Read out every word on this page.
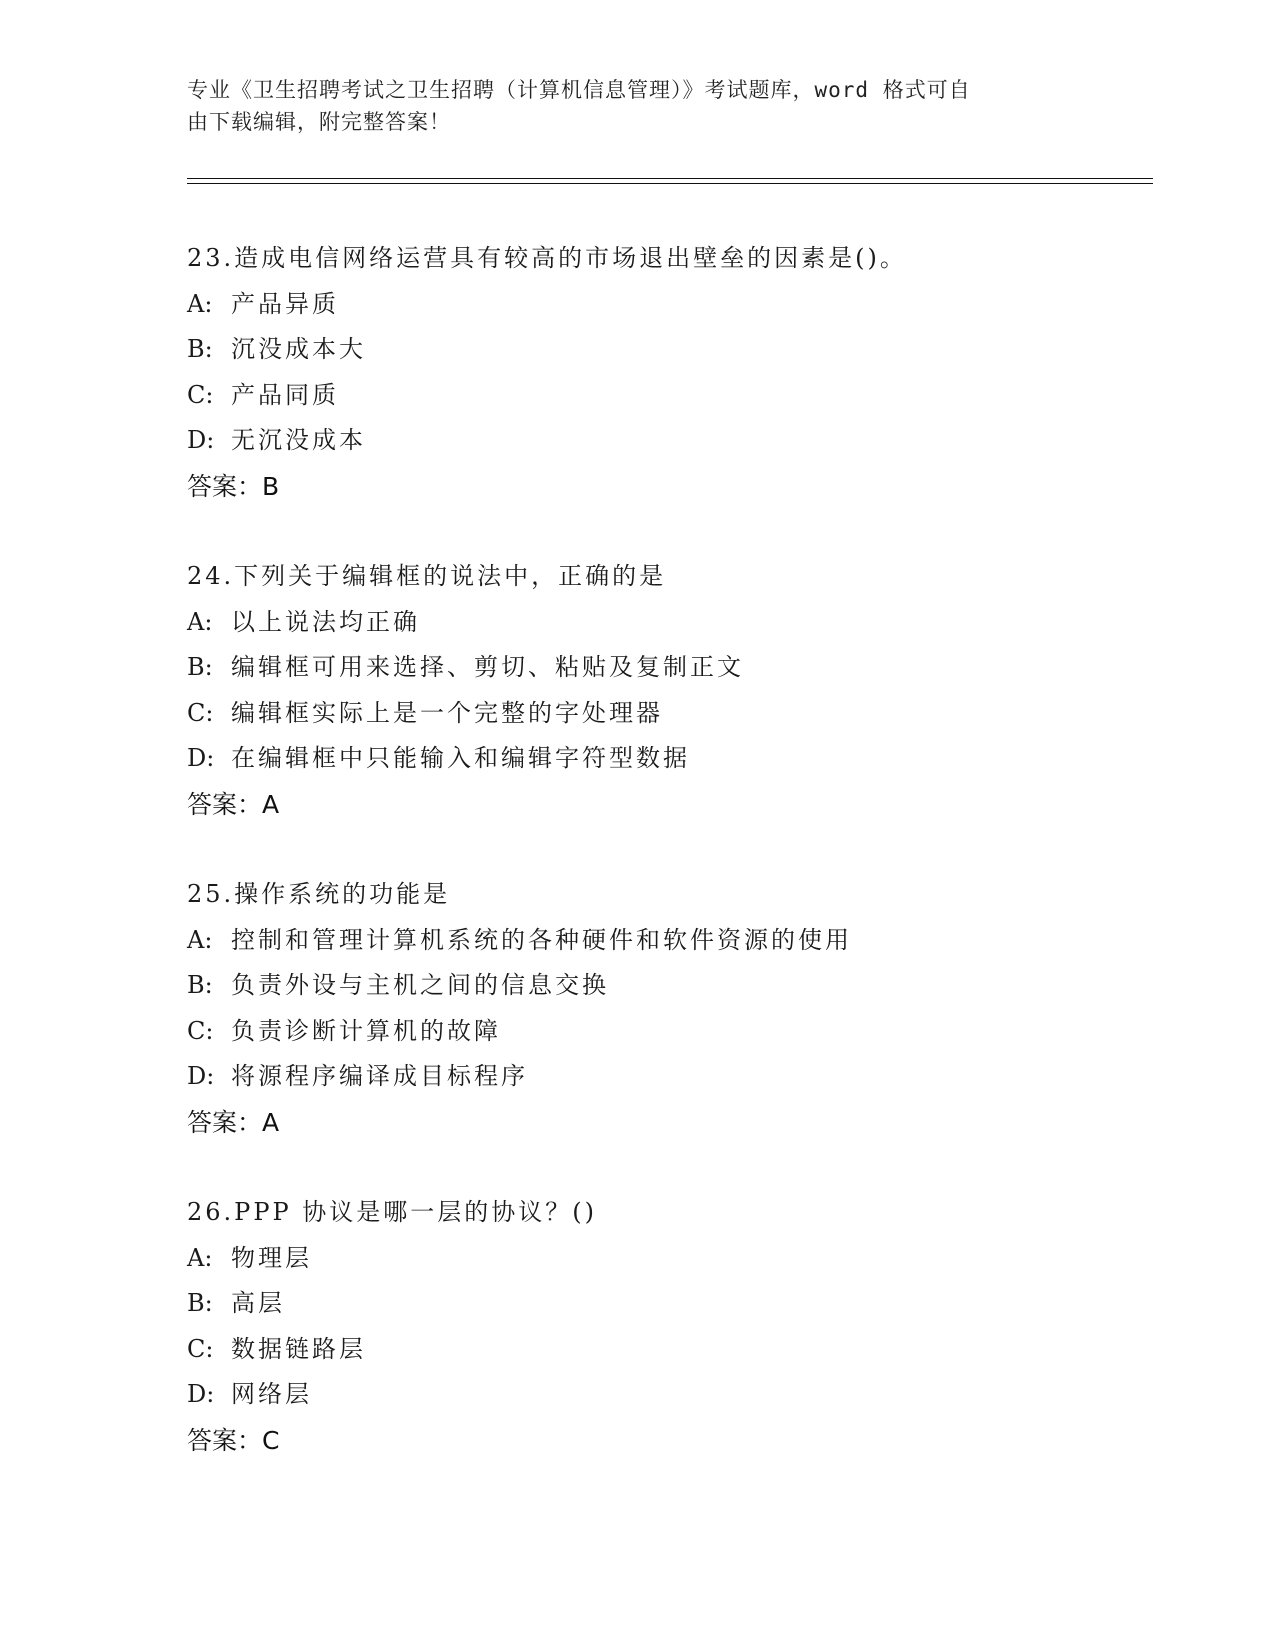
专业《卫生招聘考试之卫生招聘（计算机信息管理）》考试题库，word 格式可自

由下载编辑，附完整答案！

23.造成电信网络运营具有较高的市场退出壁垒的因素是()。
A: 产品异质
B: 沉没成本大
C: 产品同质
D: 无沉没成本
答案：B
24.下列关于编辑框的说法中，正确的是
A: 以上说法均正确
B: 编辑框可用来选择、剪切、粘贴及复制正文
C: 编辑框实际上是一个完整的字处理器
D: 在编辑框中只能输入和编辑字符型数据
答案：A
25.操作系统的功能是
A: 控制和管理计算机系统的各种硬件和软件资源的使用
B: 负责外设与主机之间的信息交换
C: 负责诊断计算机的故障
D: 将源程序编译成目标程序
答案：A
26.PPP 协议是哪一层的协议？()
A: 物理层
B: 高层
C: 数据链路层
D: 网络层
答案：C
